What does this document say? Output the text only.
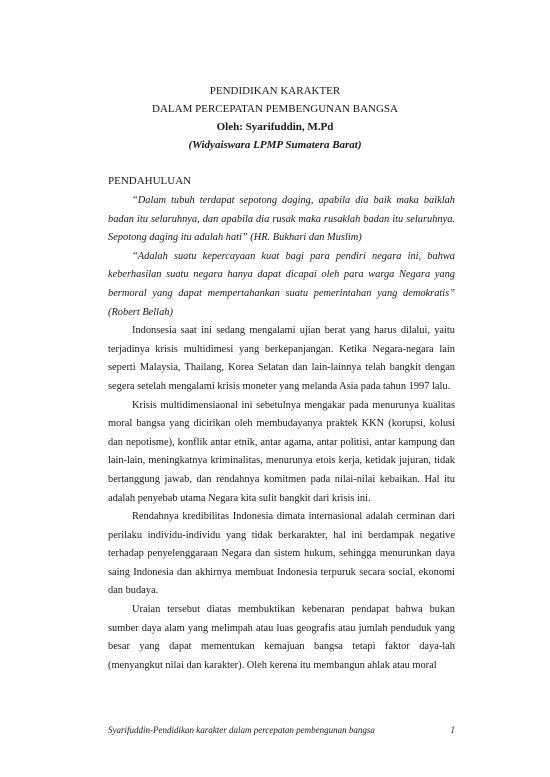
PENDIDIKAN KARAKTER
DALAM PERCEPATAN PEMBENGUNAN BANGSA
Oleh: Syarifuddin, M.Pd
(Widyaiswara LPMP Sumatera Barat)
PENDAHULUAN

“Dalam tubuh terdapat sepotong daging, apabila dia baik maka baiklah badan itu seluruhnya, dan apabila dia rusak maka rusaklah badan itu seluruhnya. Sepotong daging itu adalah hati” (HR. Bukhari dan Muslim)

“Adalah suatu kepercayaan kuat bagi para pendiri negara ini, bahwa keberhasilan suatu negara hanya dapat dicapai oleh para warga Negara yang bermoral yang dapat mempertahankan suatu pemerintahan yang demokratis” (Robert Bellah)

Indonsesia saat ini sedang mengalami ujian berat yang harus dilalui, yaitu terjadinya krisis multidimesi yang berkepanjangan. Ketika Negara-negara lain seperti Malaysia, Thailang, Korea Selatan dan lain-lainnya telah bangkit dengan segera setelah mengalami krisis moneter yang melanda Asia pada tahun 1997 lalu.

Krisis multidimensiaonal ini sebetulnya mengakar pada menurunya kualitas moral bangsa yang dicirikan oleh membudayanya praktek KKN (korupsi, kolusi dan nepotisme), konflik antar etnik, antar agama, antar politisi, antar kampung dan lain-lain, meningkatnya kriminalitas, menurunya etois kerja, ketidak jujuran, tidak bertanggung jawab, dan rendahnya komitmen pada nilai-nilai kebaikan. Hal itu adalah penyebab utama Negara kita sulit bangkit dari krisis ini.

Rendahnya kredibilitas Indonesia dimata internasional adalah cerminan dari perilaku individu-individu yang tidak berkarakter, hal ini berdampak negative terhadap penyelenggaraan Negara dan sistem hukum, sehingga menurunkan daya saing Indonesia dan akhirnya membuat Indonesia terpuruk secara social, ekonomi dan budaya.

Uraian tersebut diatas membuktikan kebenaran pendapat bahwa bukan sumber daya alam yang melimpah atau luas geografis atau jumlah penduduk yang besar yang dapat mementukan kemajuan bangsa tetapi faktor daya-lah (menyangkut nilai dan karakter). Oleh kerena itu membangun ahlak atau moral

Syarifuddin-Pendidikan karakter dalam percepatan pembengunan bangsa	1
